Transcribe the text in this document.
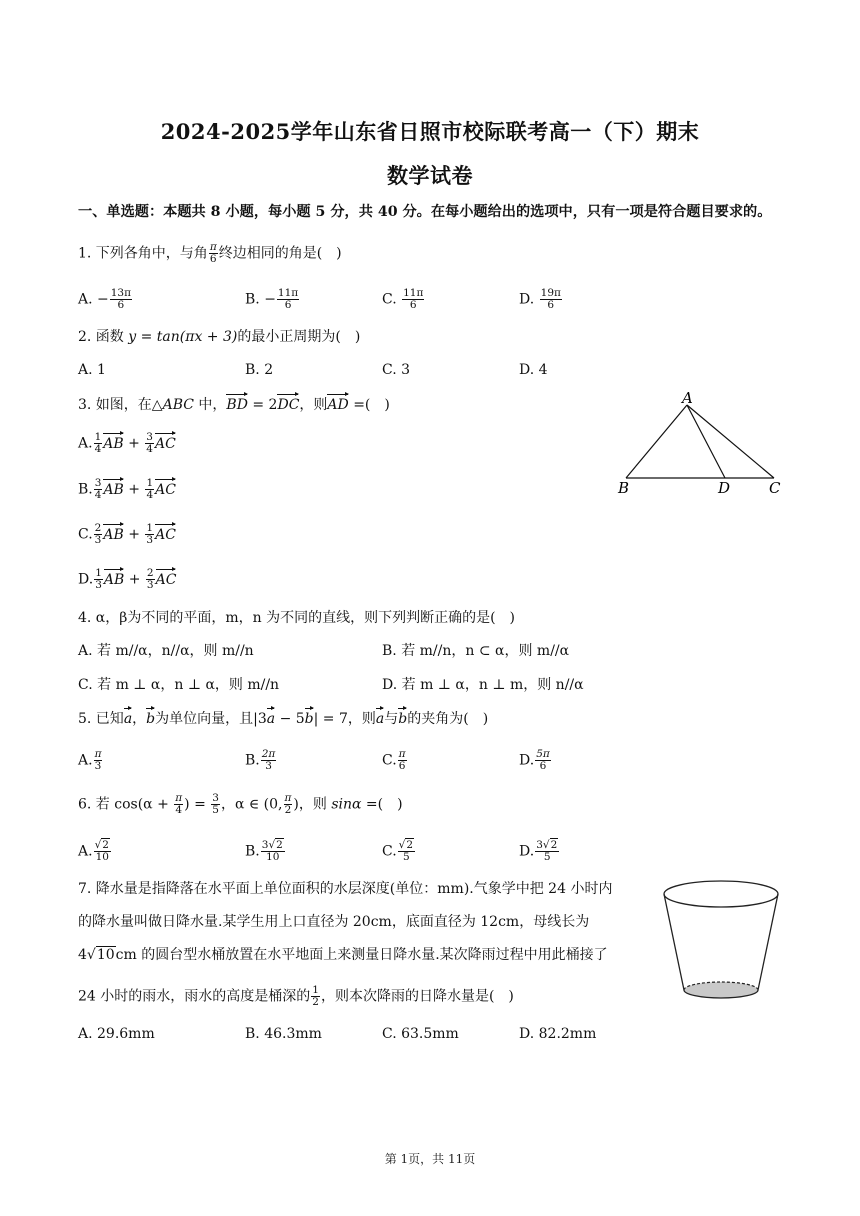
2024-2025学年山东省日照市校际联考高一（下）期末
数学试卷
一、单选题：本题共 8 小题，每小题 5 分，共 40 分。在每小题给出的选项中，只有一项是符合题目要求的。
1. 下列各角中，与角 $\frac{\pi}{6}$ 终边相同的角是(　)
A. − $\frac{13\pi}{6}$	B. − $\frac{11\pi}{6}$	C. $\frac{11\pi}{6}$	D. $\frac{19\pi}{6}$
2. 函数 y = tan(πx + 3)的最小正周期为(　)
A. 1	B. 2	C. 3	D. 4
3. 如图，在△ABC 中，BD = 2DC，则AD =(　)
A. $\frac{1}{4}$ AB + $\frac{3}{4}$ AC
B. $\frac{3}{4}$ AB + $\frac{1}{4}$ AC
C. $\frac{2}{3}$ AB + $\frac{1}{3}$ AC
D. $\frac{1}{3}$ AB + $\frac{2}{3}$ AC
A
B	D	C
4. α，β为不同的平面，m，n 为不同的直线，则下列判断正确的是(　)
A. 若 m//α，n//α，则 m//n	B. 若 m//n，n ⊂ α，则 m//α
C. 若 m ⊥ α，n ⊥ α，则 m//n	D. 若 m ⊥ α，n ⊥ m，则 n//α
5. 已知a，b为单位向量，且|3a − 5b| = 7，则a与b的夹角为(　)
A. $\frac{\pi}{3}$	B. $\frac{2\pi}{3}$	C. $\frac{\pi}{6}$	D. $\frac{5\pi}{6}$
6. 若 $\cos(\alpha + \frac{\pi}{4}$ ) = $\frac{3}{5}$ ，α ∈ (0, $\frac{\pi}{2}$ )，则 sinα =(　)
A. $\frac{√2}{10}$	B. $\frac{3√2}{10}$	C. $\frac{√2}{5}$	D. $\frac{3√2}{5}$
7. 降水量是指降落在水平面上单位面积的水层深度(单位：mm).气象学中把 24 小时内
的降水量叫做日降水量.某学生用上口直径为 20cm，底面直径为 12cm，母线长为
4√10cm 的圆台型水桶放置在水平地面上来测量日降水量.某次降雨过程中用此桶接了
24 小时的雨水，雨水的高度是桶深的 $\frac{1}{2}$ ，则本次降雨的日降水量是(　)
A. 29.6mm	B. 46.3mm	C. 63.5mm	D. 82.2mm
第 1页，共 11页
